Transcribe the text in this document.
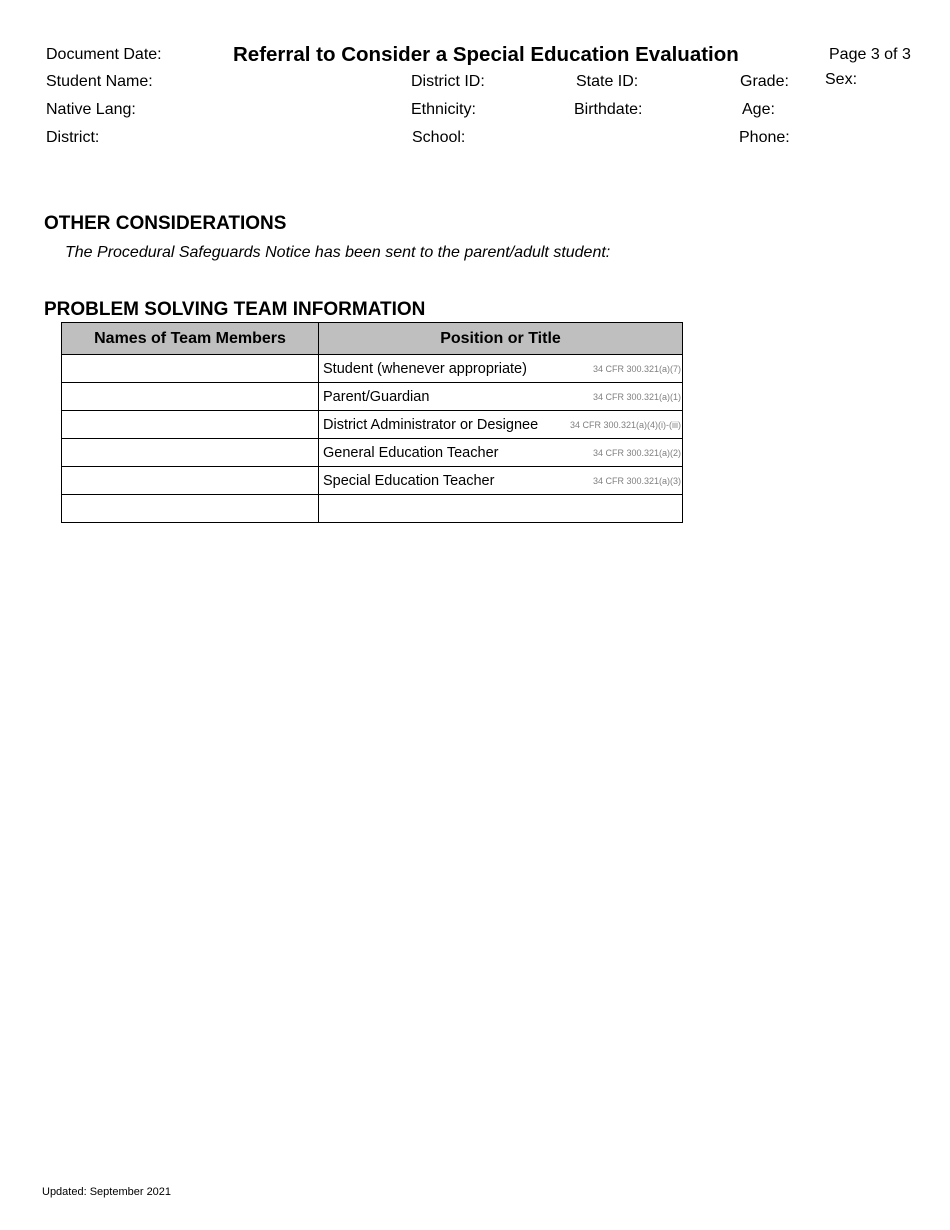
Document Date:	Referral to Consider a Special Education Evaluation	Page 3 of 3
Student Name:	District ID:	State ID:	Grade: Sex:
Native Lang:	Ethnicity:	Birthdate:	Age:
District:	School:	Phone:
OTHER CONSIDERATIONS
The Procedural Safeguards Notice has been sent to the parent/adult student:
PROBLEM SOLVING TEAM INFORMATION
Names of Team Members	Position or Title

	Student (whenever appropriate) 34 CFR 300.321(a)(7)

	Parent/Guardian 34 CFR 300.321(a)(1)

	District Administrator or Designee 34 CFR 300.321(a)(4)(i)-(iii)

	General Education Teacher 34 CFR 300.321(a)(2)

	Special Education Teacher 34 CFR 300.321(a)(3)

Updated: September 2021
